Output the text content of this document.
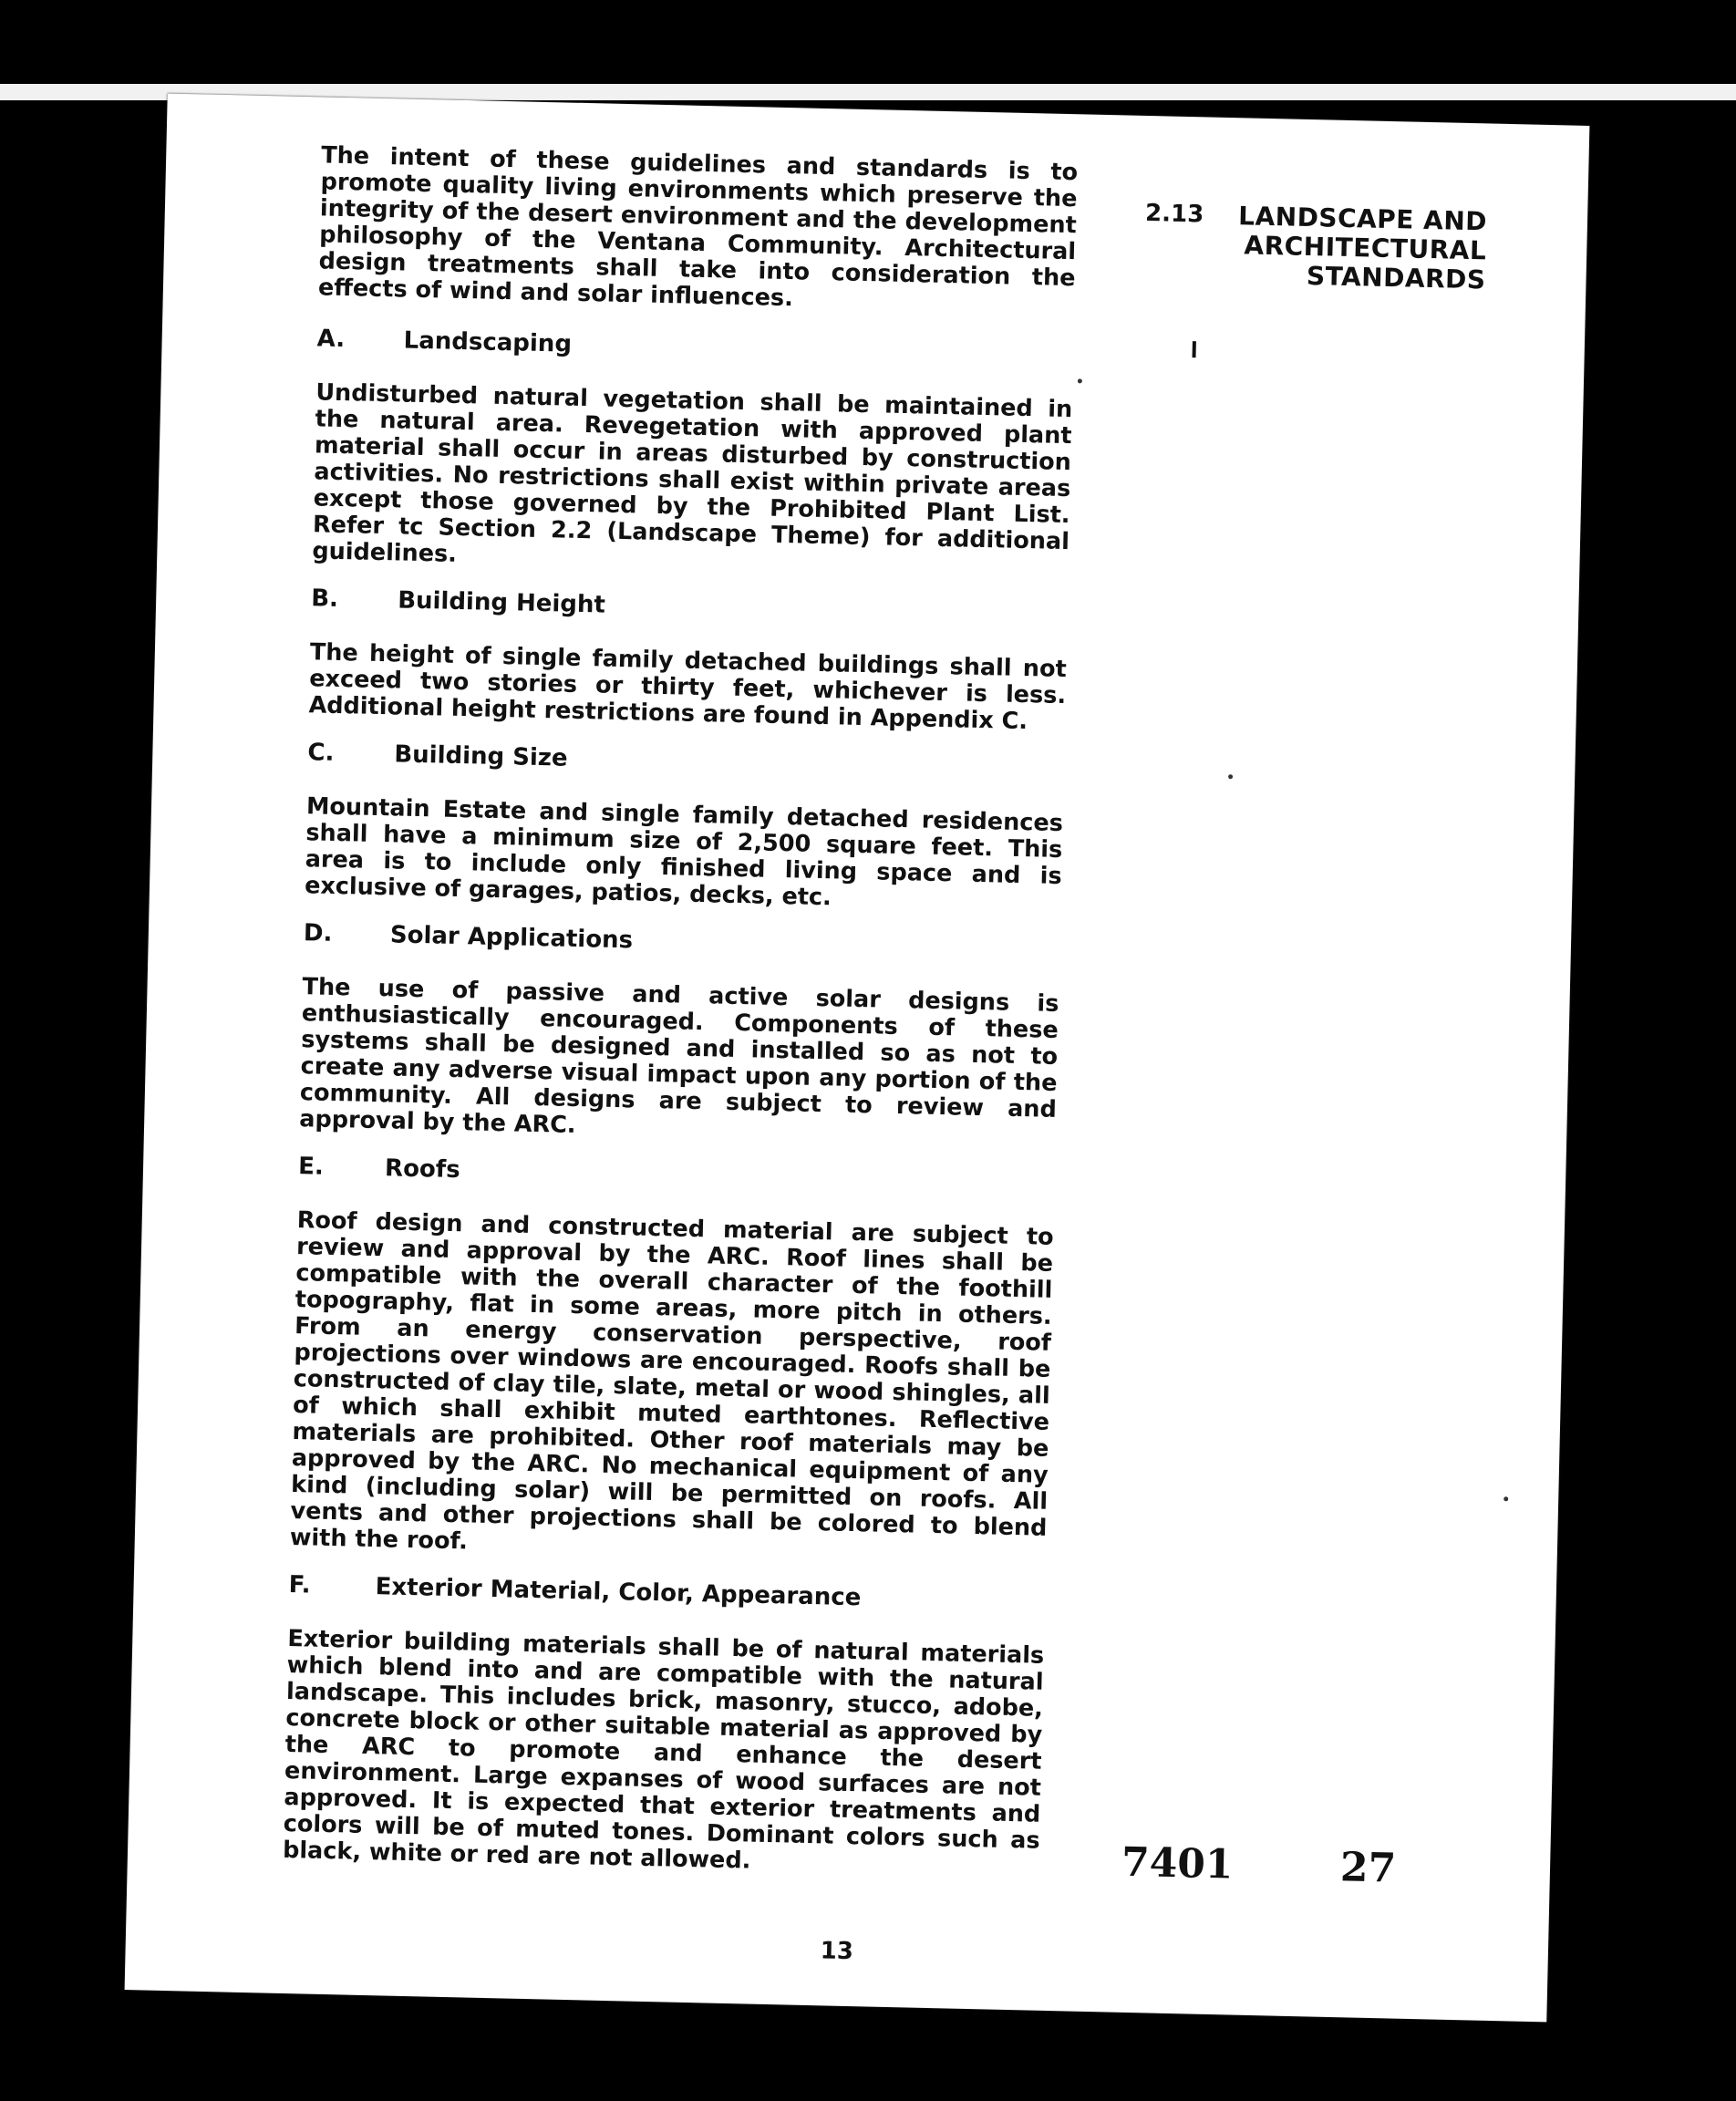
2.13	LANDSCAPE AND
ARCHITECTURAL
STANDARDS

The intent of these guidelines and standards is to promote quality living environments which preserve the integrity of the desert environment and the development philosophy of the Ventana Community. Architectural design treatments shall take into consideration the effects of wind and solar influences.

A. Landscaping

Undisturbed natural vegetation shall be maintained in the natural area. Revegetation with approved plant material shall occur in areas disturbed by construction activities. No restrictions shall exist within private areas except those governed by the Prohibited Plant List. Refer tc Section 2.2 (Landscape Theme) for additional guidelines.

B. Building Height

The height of single family detached buildings shall not exceed two stories or thirty feet, whichever is less. Additional height restrictions are found in Appendix C.

C.	Building Size

Mountain Estate and single family detached residences shall have a minimum size of 2,500 square feet. This area is to include only finished living space and is exclusive of garages, patios, decks, etc.

D. Solar Applications

The use of passive and active solar designs is enthusiastically encouraged. Components of these systems shall be designed and installed so as not to create any adverse visual impact upon any portion of the community. All designs are subject to review and approval by the ARC.

E.	Roofs

Roof design and constructed material are subject to review and approval by the ARC. Roof lines shall be compatible with the overall character of the foothill topography, flat in some areas, more pitch in others. From an energy conservation perspective, roof projections over windows are encouraged. Roofs shall be constructed of clay tile, slate, metal or wood shingles, all of which shall exhibit muted earthtones. Reflective materials are prohibited. Other roof materials may be approved by the ARC. No mechanical equipment of any kind (including solar) will be permitted on roofs. All vents and other projections shall be colored to blend with the roof.

F.	Exterior Material, Color, Appearance

Exterior building materials shall be of natural materials which blend into and are compatible with the natural landscape. This includes brick, masonry, stucco, adobe, concrete block or other suitable material as approved by the ARC to promote and enhance the desert environment. Large expanses of wood surfaces are not approved. It is expected that exterior treatments and colors will be of muted tones. Dominant colors such as black, white or red are not allowed.	7401	27
13
